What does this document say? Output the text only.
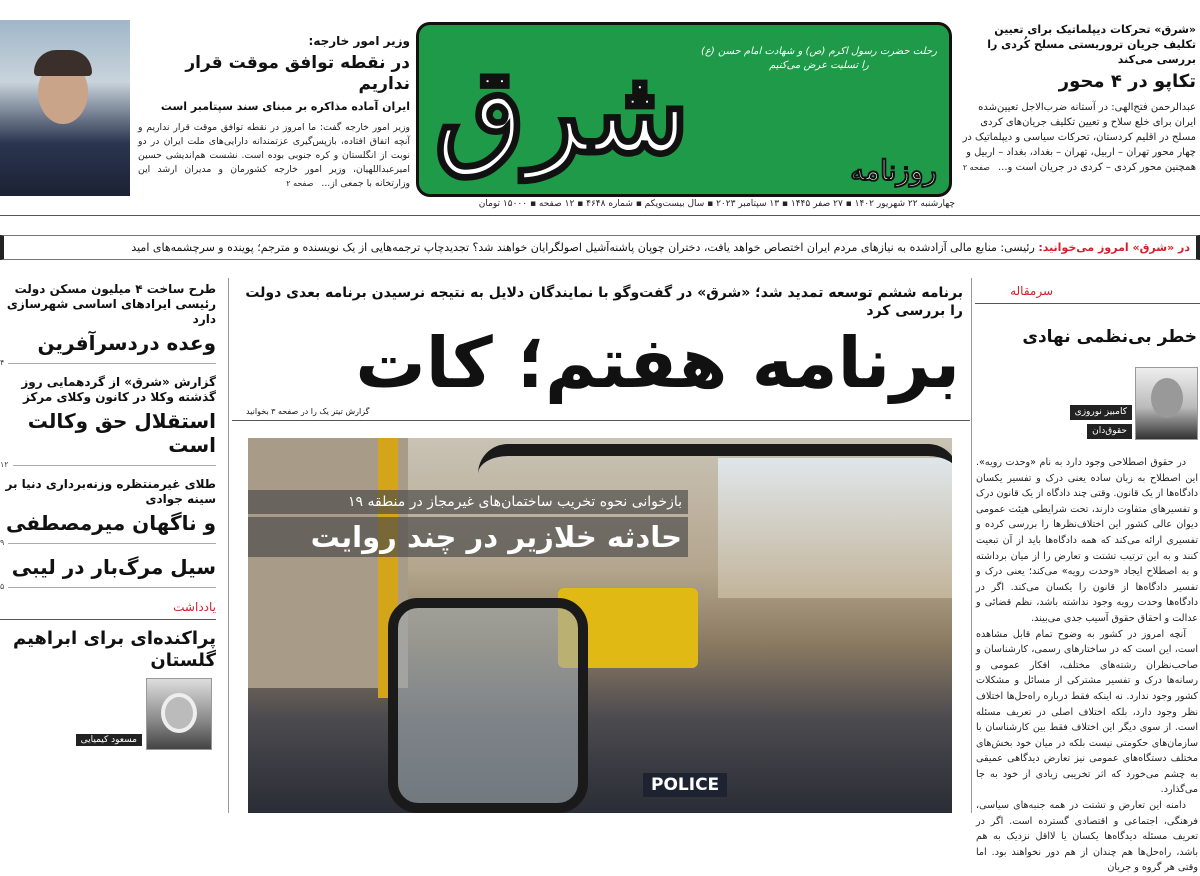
وزیر امور خارجه:
در نقطه توافق موقت قرار نداریم
ایران آماده مذاکره بر مبنای سند سپتامبر است
وزیر امور خارجه گفت: ما امروز در نقطه توافق موقت قرار نداریم و آنچه اتفاق افتاده، بازپس‌گیری عزتمندانه دارایی‌های ملت ایران در دو نوبت از انگلستان و کره جنوبی بوده است. نشست هم‌اندیشی حسین امیرعبداللهیان، وزیر امور خارجه کشورمان و مدیران ارشد این وزارتخانه با جمعی از...صفحه ۲
شرق	رحلت حضرت رسول اکرم (ص) و شهادت امام حسن (ع) را تسلیت عرض می‌کنیم
روزنامه
چهارشنبه ۲۲ شهریور ۱۴۰۲ ▪ ۲۷ صفر ۱۴۴۵ ▪ ۱۳ سپتامبر ۲۰۲۳ ▪ سال بیست‌ویکم ▪ شماره ۴۶۴۸ ▪ ۱۲ صفحه ▪ ۱۵۰۰۰ تومان
«شرق» تحرکات دیپلماتیک برای تعیین تکلیف جریان تروریستی مسلح کُردی را بررسی می‌کند
تکاپو در ۴ محور
عبدالرحمن فتح‌الهی: در آستانه ضرب‌الاجل تعیین‌شده ایران برای خلع سلاح و تعیین تکلیف جریان‌های کردی مسلح در اقلیم کردستان، تحرکات سیاسی و دیپلماتیک در چهار محور تهران – اربیل، تهران – بغداد، بغداد – اربیل و همچنین محور کردی – کردی در جریان است و...صفحه ۲
در «شرق» امروز می‌خوانید: رئیسی: منابع مالی آزادشده به نیازهای مردم ایران اختصاص خواهد یافت، دختران چوپان پاشنه‌آشیل اصولگرایان خواهند شد؟ تجدیدچاپ ترجمه‌هایی از یک نویسنده و مترجم؛ پوینده و سرچشمه‌های امید
طرح ساخت ۴ میلیون مسکن دولت رئیسی ایرادهای اساسی شهرسازی دارد
وعده دردسرآفرین
۴
گزارش «شرق» از گردهمایی روز گذشته وکلا در کانون وکلای مرکز
استقلال حق وکالت است
۱۲
طلای غیرمنتظره وزنه‌برداری دنیا بر سینه جوادی
و ناگهان میرمصطفی
۹
سیل مرگ‌بار در لیبی
۵
یادداشت
پراکنده‌ای برای ابراهیم گلستان
مسعود کیمیایی
برنامه ششم توسعه تمدید شد؛ «شرق» در گفت‌وگو با نمایندگان دلایل به نتیجه نرسیدن برنامه بعدی دولت را بررسی کرد
برنامه هفتم؛ کات
گزارش تیتر یک را در صفحه ۳ بخوانید
POLICE
بازخوانی نحوه تخریب ساختمان‌های غیرمجاز در منطقه ۱۹
حادثه خلازیر در چند روایت
سرمقاله
خطر بی‌نظمی نهادی
کامبیز نوروزی
حقوق‌دان

در حقوق اصطلاحی وجود دارد به نام «وحدت رویه». این اصطلاح به زبان ساده یعنی درک و تفسیر یکسان دادگاه‌ها از یک قانون. وقتی چند دادگاه از یک قانون درک و تفسیرهای متفاوت دارند، تحت شرایطی هیئت عمومی دیوان عالی کشور این اختلاف‌نظرها را بررسی کرده و تفسیری ارائه می‌کند که همه دادگاه‌ها باید از آن تبعیت کنند و به این ترتیب تشتت و تعارض را از میان برداشته و به اصطلاح ایجاد «وحدت رویه» می‌کند؛ یعنی درک و تفسیر دادگاه‌ها از قانون را یکسان می‌کند. اگر در دادگاه‌ها وحدت رویه وجود نداشته باشد، نظم قضائی و عدالت و احقاق حقوق آسیب جدی می‌بیند.

آنچه امروز در کشور به وضوح تمام قابل مشاهده است، این است که در ساختارهای رسمی، کارشناسان و صاحب‌نظران رشته‌های مختلف، افکار عمومی و رسانه‌ها درک و تفسیر مشترکی از مسائل و مشکلات کشور وجود ندارد. نه اینکه فقط درباره راه‌حل‌ها اختلاف نظر وجود دارد، بلکه اختلاف اصلی در تعریف مسئله است. از سوی دیگر این اختلاف فقط بین کارشناسان با سازمان‌های حکومتی نیست بلکه در میان خود بخش‌های مختلف دستگاه‌های عمومی نیز تعارض دیدگاهی عمیقی به چشم می‌خورد که اثر تخریبی زیادی از خود به جا می‌گذارد.

دامنه این تعارض و تشتت در همه جنبه‌های سیاسی، فرهنگی، اجتماعی و اقتصادی گسترده است. اگر در تعریف مسئله دیدگاه‌ها یکسان یا لااقل نزدیک به هم باشد، راه‌حل‌ها هم چندان از هم دور نخواهند بود. اما وقتی هر گروه و جریان
